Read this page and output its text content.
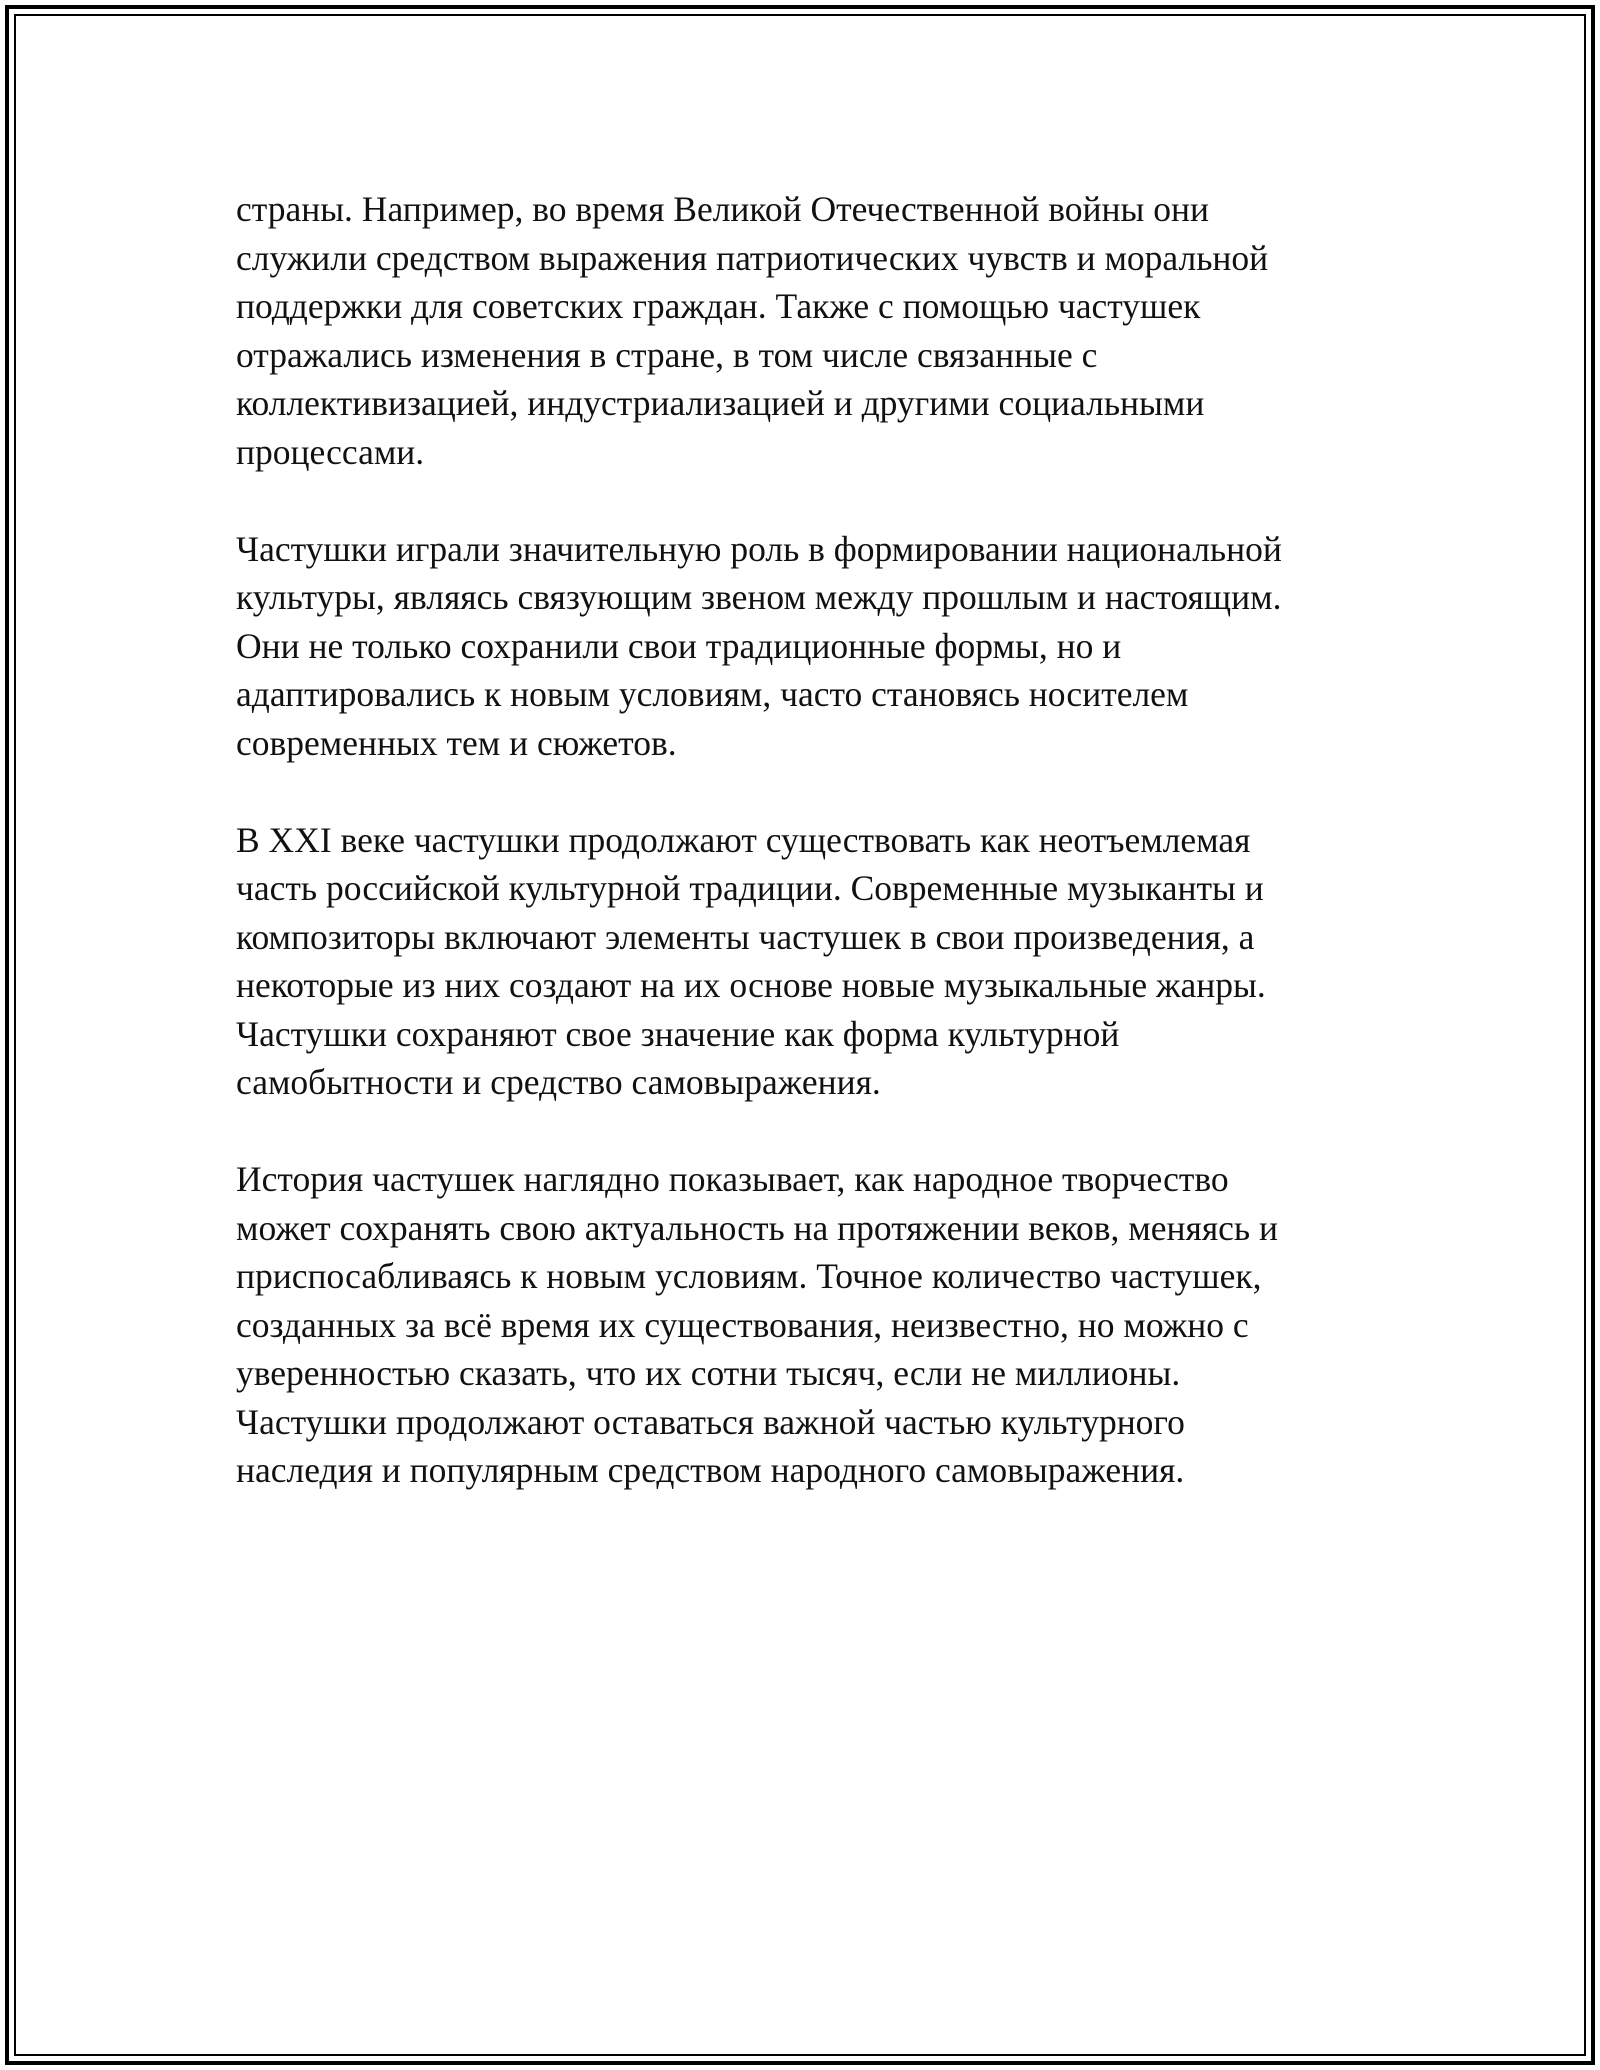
страны. Например, во время Великой Отечественной войны они
служили средством выражения патриотических чувств и моральной
поддержки для советских граждан. Также с помощью частушек
отражались изменения в стране, в том числе связанные с
коллективизацией, индустриализацией и другими социальными
процессами.

Частушки играли значительную роль в формировании национальной
культуры, являясь связующим звеном между прошлым и настоящим.
Они не только сохранили свои традиционные формы, но и
адаптировались к новым условиям, часто становясь носителем
современных тем и сюжетов.

В XXI веке частушки продолжают существовать как неотъемлемая
часть российской культурной традиции. Современные музыканты и
композиторы включают элементы частушек в свои произведения, а
некоторые из них создают на их основе новые музыкальные жанры.
Частушки сохраняют свое значение как форма культурной
самобытности и средство самовыражения.

История частушек наглядно показывает, как народное творчество
может сохранять свою актуальность на протяжении веков, меняясь и
приспосабливаясь к новым условиям. Точное количество частушек,
созданных за всё время их существования, неизвестно, но можно с
уверенностью сказать, что их сотни тысяч, если не миллионы.
Частушки продолжают оставаться важной частью культурного
наследия и популярным средством народного самовыражения.
